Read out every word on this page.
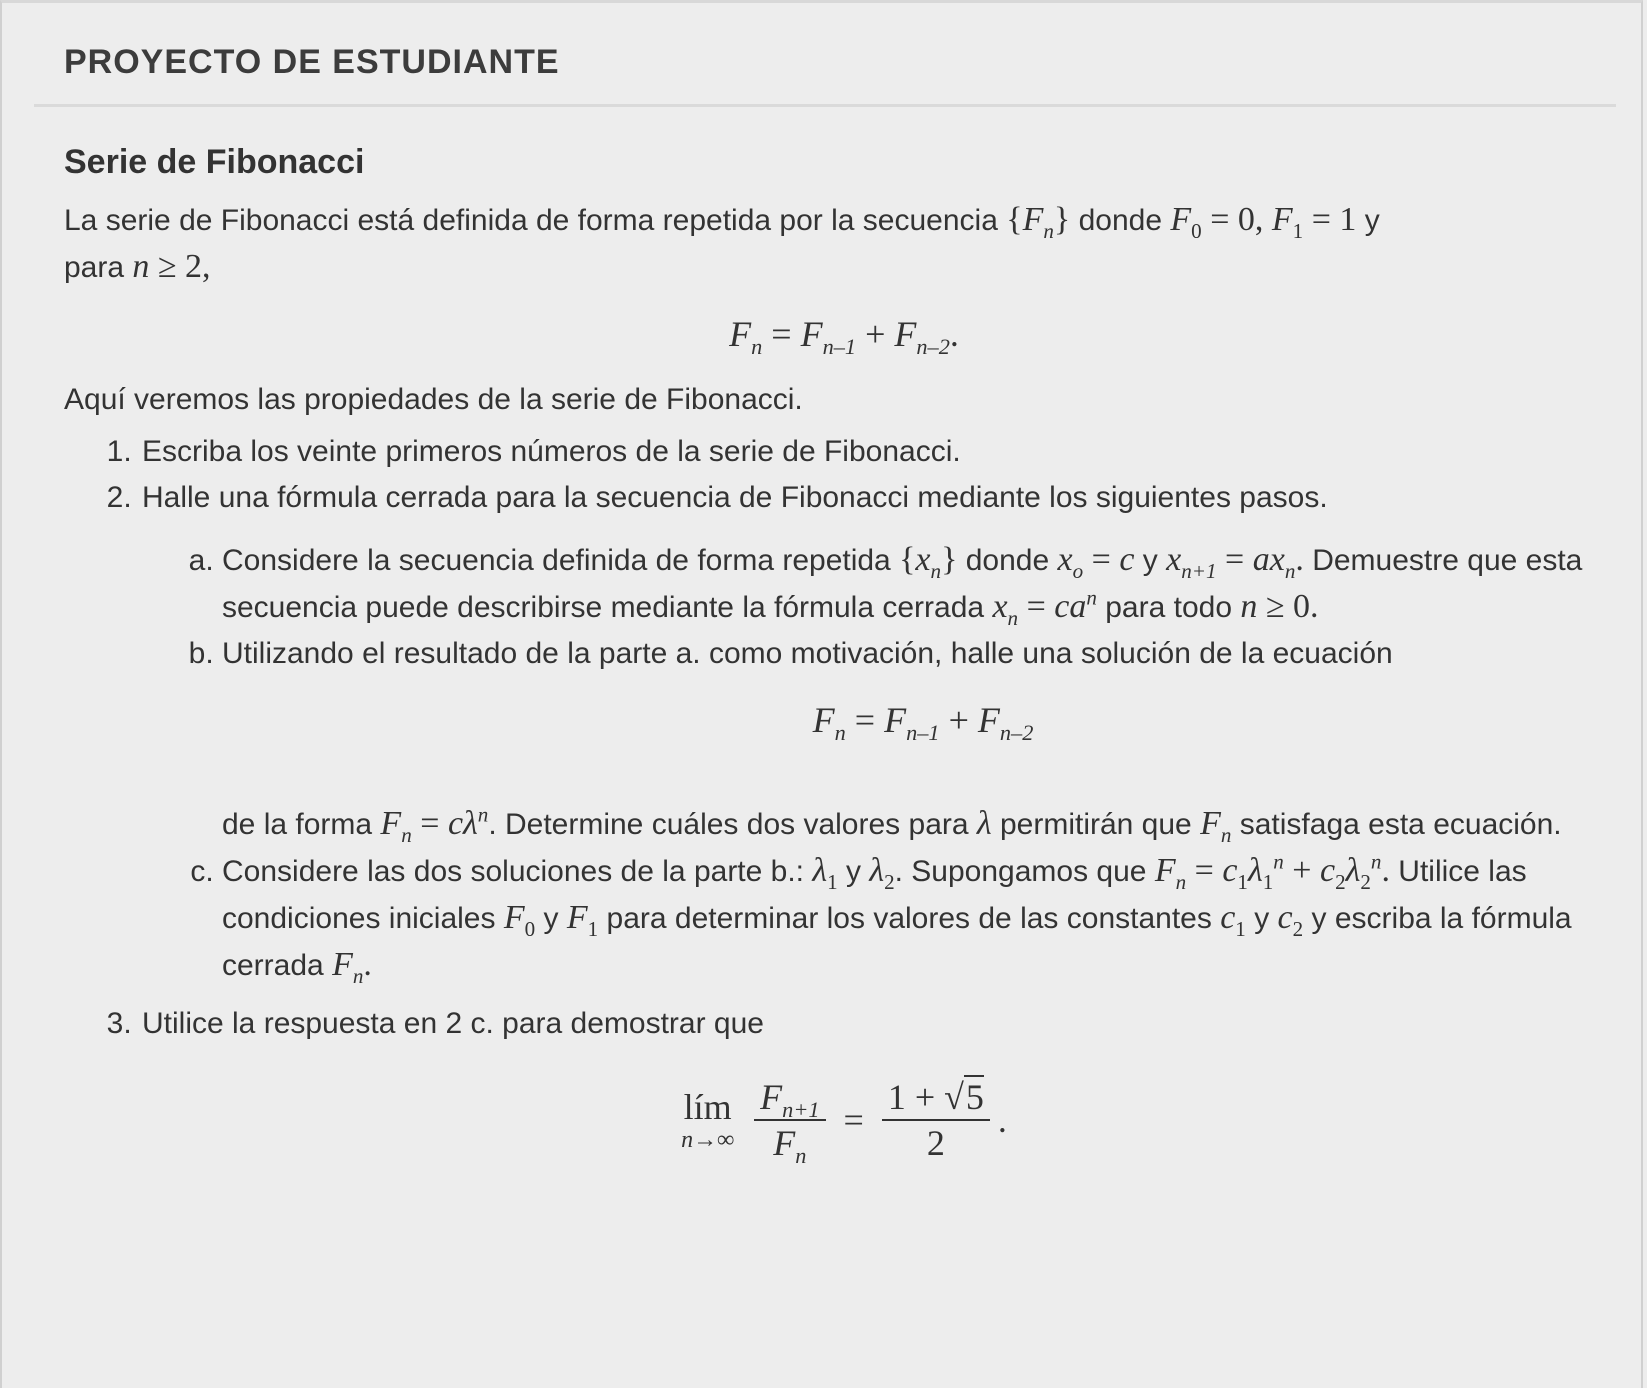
PROYECTO DE ESTUDIANTE
Serie de Fibonacci

La serie de Fibonacci está definida de forma repetida por la secuencia $\{F_n\}$ donde $F_0 = 0$, $F_1 = 1$ y
para n ≥ 2,

$F_n = F_{n-1} + F_{n-2}$.

Aquí veremos las propiedades de la serie de Fibonacci.

1. Escriba los veinte primeros números de la serie de Fibonacci.
2. Halle una fórmula cerrada para la secuencia de Fibonacci mediante los siguientes pasos.
a. Considere la secuencia definida de forma repetida $\{x_n\}$ donde $x_o = c$ y $x_{n+1} = ax_n$. Demuestre que esta secuencia puede describirse mediante la fórmula cerrada $x_n = ca^n$ para todo n ≥ 0.
b. Utilizando el resultado de la parte a. como motivación, halle una solución de la ecuación
$F_n = F_{n-1} + F_{n-2}$
de la forma $F_n = c\lambda^n$. Determine cuáles dos valores para λ permitirán que $F_n$ satisfaga esta ecuación.
c. Considere las dos soluciones de la parte b.: $\lambda_1$ y $\lambda_2$. Supongamos que $F_n = c_1\lambda_1^n + c_2\lambda_2^n$. Utilice las condiciones iniciales $F_0$ y $F_1$ para determinar los valores de las constantes $c_1$ y $c_2$ y escriba la fórmula cerrada $F_n$.
3. Utilice la respuesta en 2 c. para demostrar que
lím
$n\to\infty \frac{F_{n+1}}{F_n} = \frac{1 + √5}{2}$ .
